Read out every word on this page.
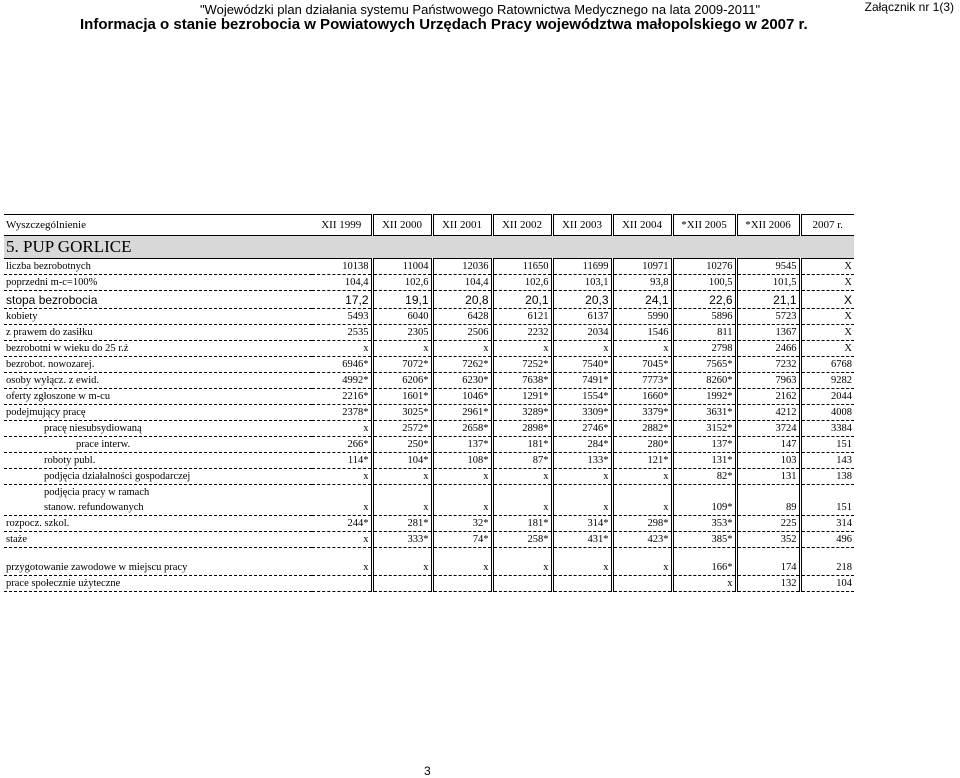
"Wojewódzki plan działania systemu Państwowego Ratownictwa Medycznego na lata 2009-2011"	Załącznik nr 1(3)
Informacja o stanie bezrobocia w Powiatowych Urzędach Pracy województwa małopolskiego w 2007 r.
Wyszczególnienie	XII 1999	XII 2000	XII 2001	XII 2002	XII 2003	XII 2004	*XII 2005	*XII 2006	2007 r.
5. PUP GORLICE									
liczba bezrobotnych	10138	11004	12036	11650	11699	10971	10276	9545	X
poprzedni m-c=100%	104,4	102,6	104,4	102,6	103,1	93,8	100,5	101,5	X
stopa bezrobocia	17,2	19,1	20,8	20,1	20,3	24,1	22,6	21,1	X
kobiety	5493	6040	6428	6121	6137	5990	5896	5723	X
z prawem do zasiłku	2535	2305	2506	2232	2034	1546	811	1367	X
bezrobotni w wieku do 25 r.ż	x	x	x	x	x	x	2798	2466	X
bezrobot. nowozarej.	6946*	7072*	7262*	7252*	7540*	7045*	7565*	7232	6768
osoby wyłącz. z ewid.	4992*	6206*	6230*	7638*	7491*	7773*	8260*	7963	9282
oferty zgłoszone w m-cu	2216*	1601*	1046*	1291*	1554*	1660*	1992*	2162	2044
podejmujący pracę	2378*	3025*	2961*	3289*	3309*	3379*	3631*	4212	4008
pracę niesubsydiowaną	x	2572*	2658*	2898*	2746*	2882*	3152*	3724	3384
prace interw.	266*	250*	137*	181*	284*	280*	137*	147	151
roboty publ.	114*	104*	108*	87*	133*	121*	131*	103	143
podjęcia działalności gospodarczej	x	x	x	x	x	x	82*	131	138
podjęcia pracy w ramach									
stanow. refundowanych	x	x	x	x	x	x	109*	89	151
rozpocz. szkol.	244*	281*	32*	181*	314*	298*	353*	225	314
staże	x	333*	74*	258*	431*	423*	385*	352	496

przygotowanie zawodowe w miejscu pracy	x	x	x	x	x	x	166*	174	218
prace społecznie użyteczne							x	132	104
3
